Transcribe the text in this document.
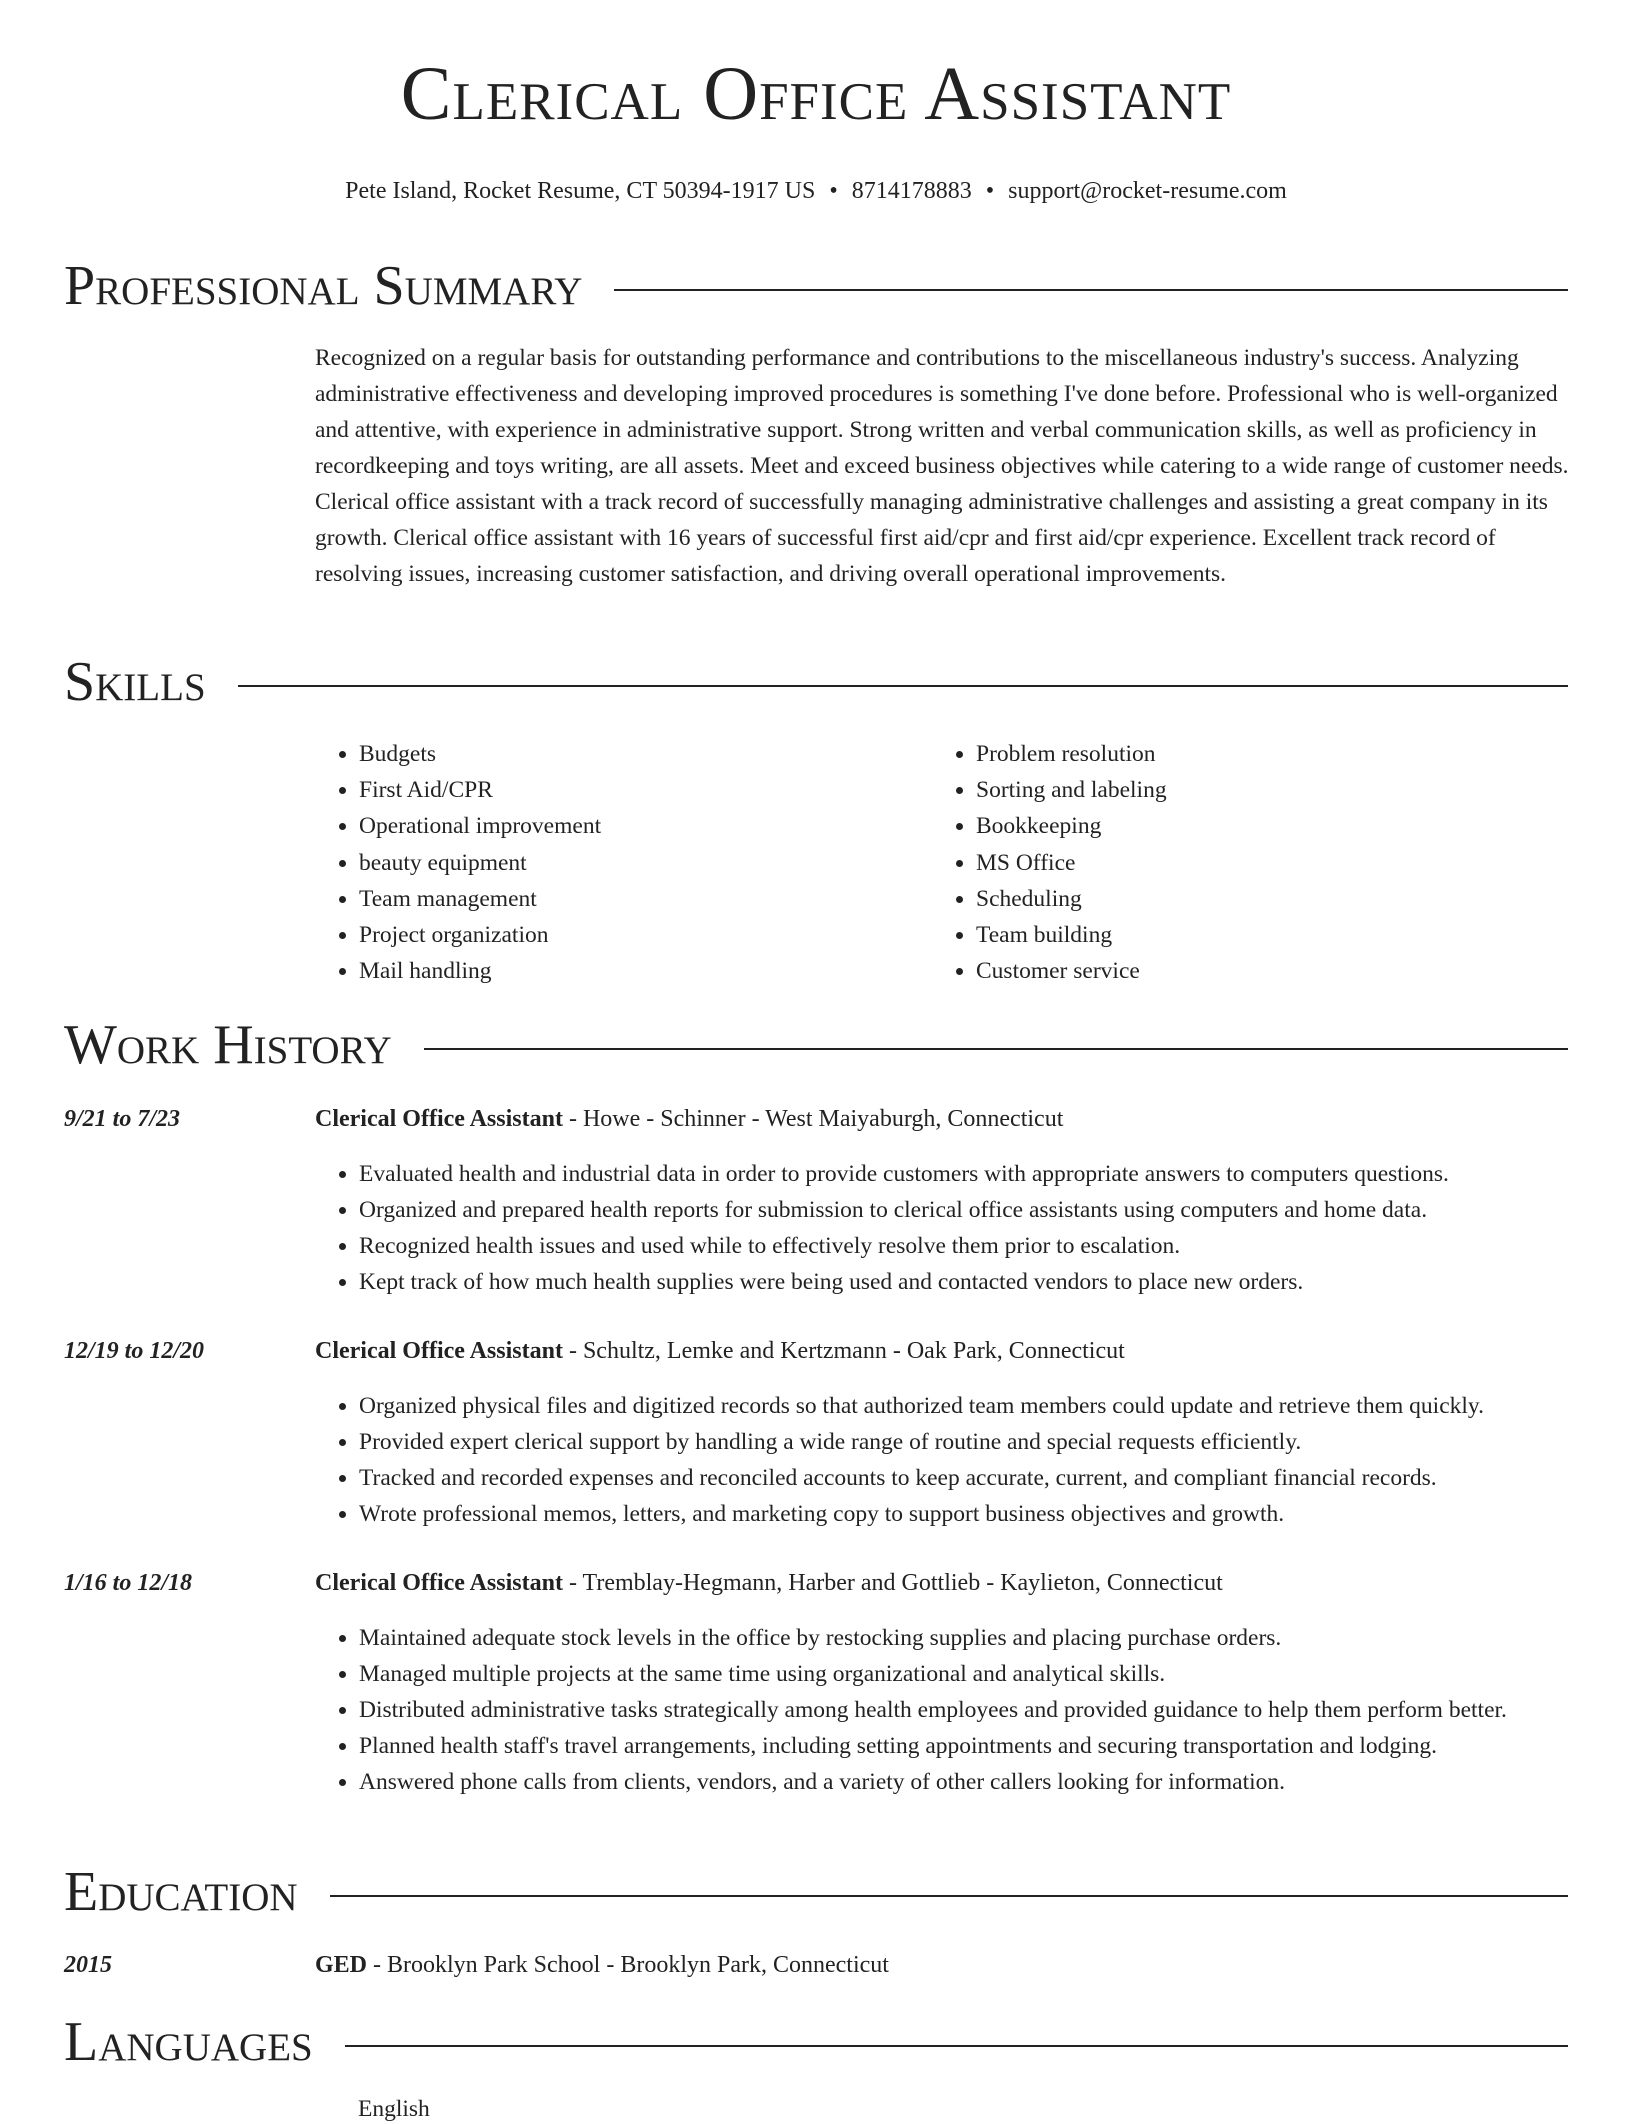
Clerical Office Assistant
Pete Island, Rocket Resume, CT 50394-1917 US • 8714178883 • support@rocket-resume.com
Professional Summary

Recognized on a regular basis for outstanding performance and contributions to the miscellaneous industry's success. Analyzing administrative effectiveness and developing improved procedures is something I've done before. Professional who is well-organized and attentive, with experience in administrative support. Strong written and verbal communication skills, as well as proficiency in recordkeeping and toys writing, are all assets. Meet and exceed business objectives while catering to a wide range of customer needs. Clerical office assistant with a track record of successfully managing administrative challenges and assisting a great company in its growth. Clerical office assistant with 16 years of successful first aid/cpr and first aid/cpr experience. Excellent track record of resolving issues, increasing customer satisfaction, and driving overall operational improvements.

Skills
• Budgets
• First Aid/CPR
• Operational improvement
• beauty equipment
• Team management
• Project organization
• Mail handling
• Problem resolution
• Sorting and labeling
• Bookkeeping
• MS Office
• Scheduling
• Team building
• Customer service
Work History
9/21 to 7/23	Clerical Office Assistant - Howe - Schinner - West Maiyaburgh, Connecticut
• Evaluated health and industrial data in order to provide customers with appropriate answers to computers questions.
• Organized and prepared health reports for submission to clerical office assistants using computers and home data.
• Recognized health issues and used while to effectively resolve them prior to escalation.
• Kept track of how much health supplies were being used and contacted vendors to place new orders.
12/19 to 12/20	Clerical Office Assistant - Schultz, Lemke and Kertzmann - Oak Park, Connecticut
• Organized physical files and digitized records so that authorized team members could update and retrieve them quickly.
• Provided expert clerical support by handling a wide range of routine and special requests efficiently.
• Tracked and recorded expenses and reconciled accounts to keep accurate, current, and compliant financial records.
• Wrote professional memos, letters, and marketing copy to support business objectives and growth.
1/16 to 12/18	Clerical Office Assistant - Tremblay-Hegmann, Harber and Gottlieb - Kaylieton, Connecticut
• Maintained adequate stock levels in the office by restocking supplies and placing purchase orders.
• Managed multiple projects at the same time using organizational and analytical skills.
• Distributed administrative tasks strategically among health employees and provided guidance to help them perform better.
• Planned health staff's travel arrangements, including setting appointments and securing transportation and lodging.
• Answered phone calls from clients, vendors, and a variety of other callers looking for information.
Education
2015	GED - Brooklyn Park School - Brooklyn Park, Connecticut
Languages
English
